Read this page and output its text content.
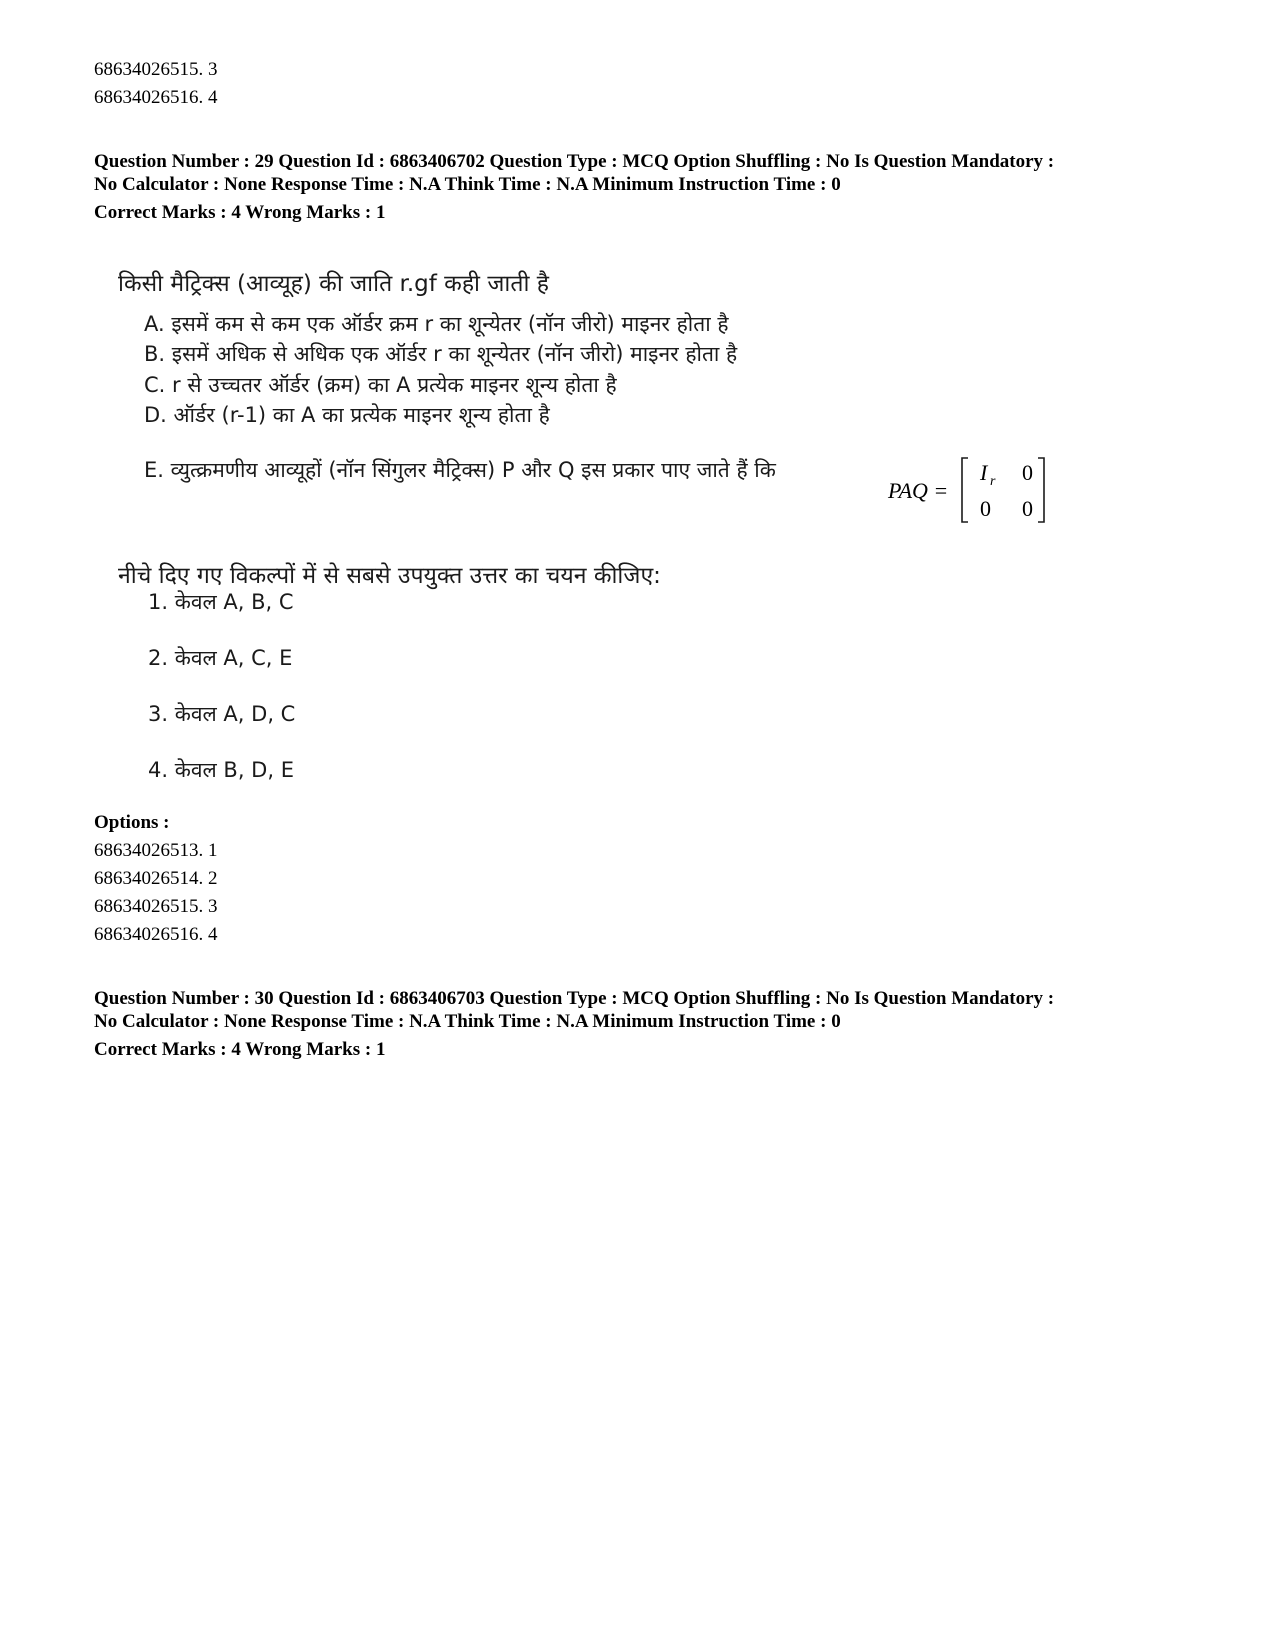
68634026515. 3
68634026516. 4
Question Number : 29 Question Id : 6863406702 Question Type : MCQ Option Shuffling : No Is Question Mandatory :
No Calculator : None Response Time : N.A Think Time : N.A Minimum Instruction Time : 0
Correct Marks : 4 Wrong Marks : 1
किसी मैट्रिक्स (आव्यूह) की जाति r.gf कही जाती है
A. इसमें कम से कम एक ऑर्डर क्रम r का शून्येतर (नॉन जीरो) माइनर होता है
B. इसमें अधिक से अधिक एक ऑर्डर r का शून्येतर (नॉन जीरो) माइनर होता है
C. r से उच्चतर ऑर्डर (क्रम) का A प्रत्येक माइनर शून्य होता है
D. ऑर्डर (r-1) का A का प्रत्येक माइनर शून्य होता है
E. व्युत्क्रमणीय आव्यूहों (नॉन सिंगुलर मैट्रिक्स) P और Q इस प्रकार पाए जाते हैं कि
PAQ =
I r 0
0 0
नीचे दिए गए विकल्पों में से सबसे उपयुक्त उत्तर का चयन कीजिए:
1. केवल A, B, C
2. केवल A, C, E
3. केवल A, D, C
4. केवल B, D, E
Options :
68634026513. 1
68634026514. 2
68634026515. 3
68634026516. 4
Question Number : 30 Question Id : 6863406703 Question Type : MCQ Option Shuffling : No Is Question Mandatory :
No Calculator : None Response Time : N.A Think Time : N.A Minimum Instruction Time : 0
Correct Marks : 4 Wrong Marks : 1
